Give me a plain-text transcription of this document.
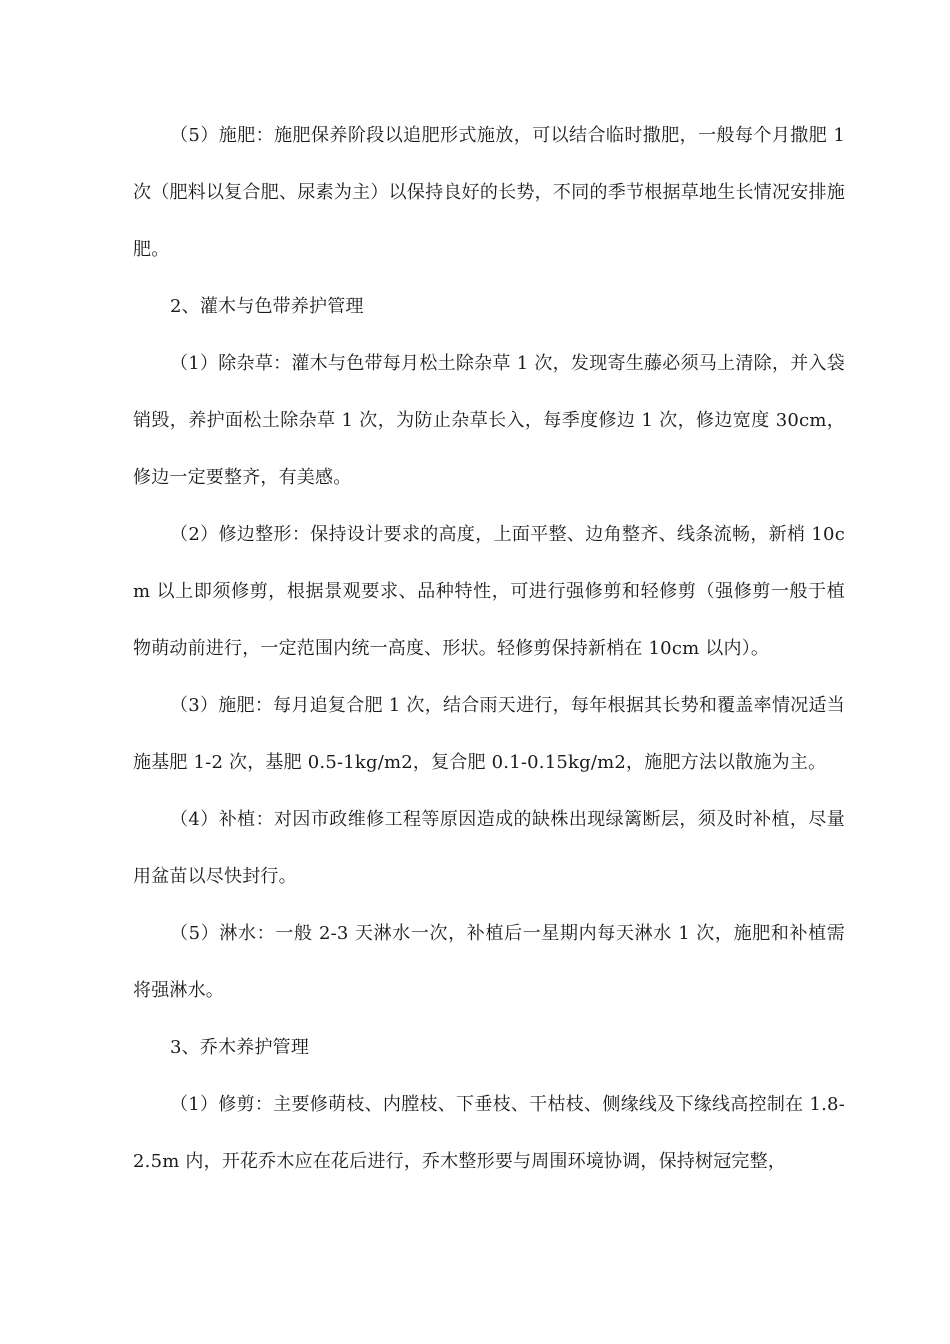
（5）施肥：施肥保养阶段以追肥形式施放，可以结合临时撒肥，一般每个月撒肥 1 次（肥料以复合肥、尿素为主）以保持良好的长势，不同的季节根据草地生长情况安排施肥。

2、灌木与色带养护管理

（1）除杂草：灌木与色带每月松土除杂草 1 次，发现寄生藤必须马上清除，并入袋销毁，养护面松土除杂草 1 次，为防止杂草长入，每季度修边 1 次，修边宽度 30cm，修边一定要整齐，有美感。

（2）修边整形：保持设计要求的高度，上面平整、边角整齐、线条流畅，新梢 10cm 以上即须修剪，根据景观要求、品种特性，可进行强修剪和轻修剪（强修剪一般于植物萌动前进行，一定范围内统一高度、形状。轻修剪保持新梢在 10cm 以内）。

（3）施肥：每月追复合肥 1 次，结合雨天进行，每年根据其长势和覆盖率情况适当施基肥 1-2 次，基肥 0.5-1kg/m2，复合肥 0.1-0.15kg/m2，施肥方法以散施为主。

（4）补植：对因市政维修工程等原因造成的缺株出现绿篱断层，须及时补植，尽量用盆苗以尽快封行。

（5）淋水：一般 2-3 天淋水一次，补植后一星期内每天淋水 1 次，施肥和补植需将强淋水。

3、乔木养护管理

（1）修剪：主要修萌枝、内膛枝、下垂枝、干枯枝、侧缘线及下缘线高控制在 1.8-2.5m 内，开花乔木应在花后进行，乔木整形要与周围环境协调，保持树冠完整，
